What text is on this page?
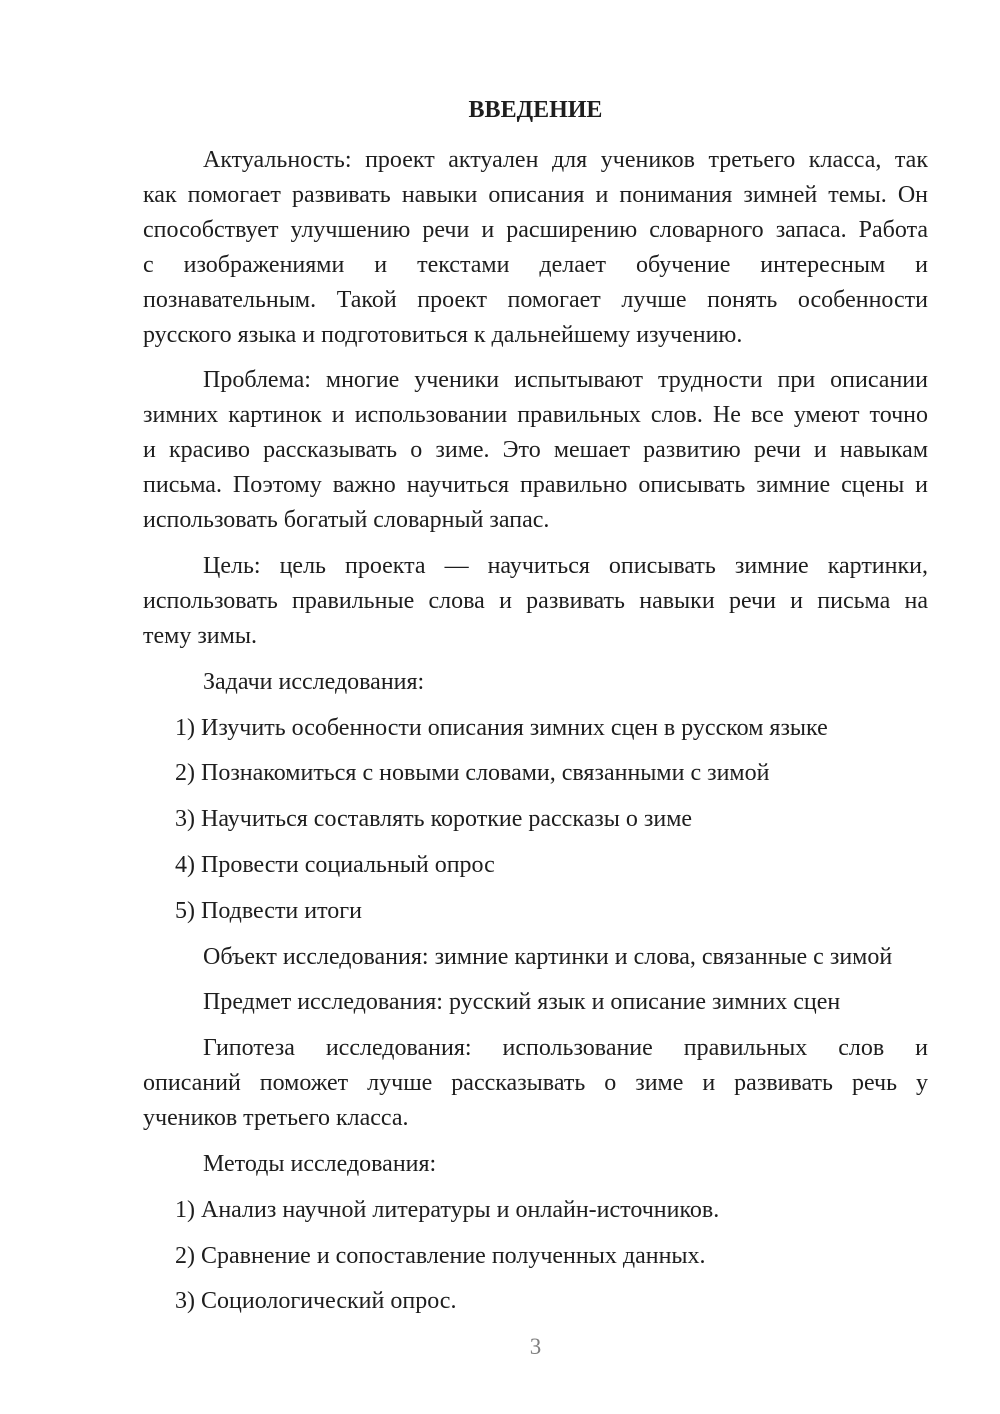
ВВЕДЕНИЕ
Актуальность: проект актуален для учеников третьего класса, так
как помогает развивать навыки описания и понимания зимней темы. Он
способствует улучшению речи и расширению словарного запаса. Работа
с изображениями и текстами делает обучение интересным и
познавательным. Такой проект помогает лучше понять особенности
русского языка и подготовиться к дальнейшему изучению.
Проблема: многие ученики испытывают трудности при описании
зимних картинок и использовании правильных слов. Не все умеют точно
и красиво рассказывать о зиме. Это мешает развитию речи и навыкам
письма. Поэтому важно научиться правильно описывать зимние сцены и
использовать богатый словарный запас.
Цель: цель проекта — научиться описывать зимние картинки,
использовать правильные слова и развивать навыки речи и письма на
тему зимы.
Задачи исследования:
1) Изучить особенности описания зимних сцен в русском языке
2) Познакомиться с новыми словами, связанными с зимой
3) Научиться составлять короткие рассказы о зиме
4) Провести социальный опрос
5) Подвести итоги
Объект исследования: зимние картинки и слова, связанные с зимой
Предмет исследования: русский язык и описание зимних сцен
Гипотеза исследования: использование правильных слов и
описаний поможет лучше рассказывать о зиме и развивать речь у
учеников третьего класса.
Методы исследования:
1) Анализ научной литературы и онлайн-источников.
2) Сравнение и сопоставление полученных данных.
3) Социологический опрос.
3
